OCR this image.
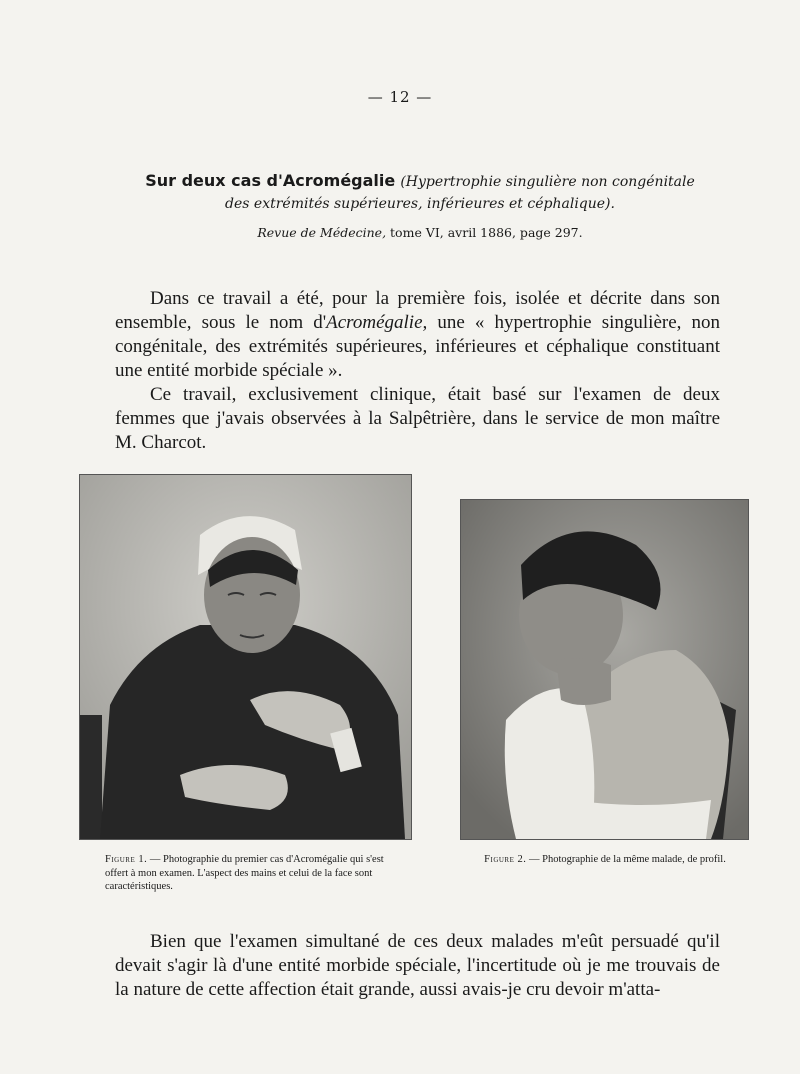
— 12 —
Sur deux cas d'Acromégalie (Hypertrophie singulière non congénitale
des extrémités supérieures, inférieures et céphalique).
Revue de Médecine, tome VI, avril 1886, page 297.
Dans ce travail a été, pour la première fois, isolée et décrite dans son ensemble, sous le nom d'Acromégalie, une « hypertrophie singulière, non congénitale, des extrémités supérieures, inférieures et céphalique constituant une entité morbide spéciale ».
Ce travail, exclusivement clinique, était basé sur l'examen de deux femmes que j'avais observées à la Salpêtrière, dans le service de mon maître M. Charcot.
Figure 1. — Photographie du premier cas d'Acromégalie qui s'est offert à mon examen. L'aspect des mains et celui de la face sont caractéristiques.
Figure 2. — Photographie de la même malade, de profil.
Bien que l'examen simultané de ces deux malades m'eût persuadé qu'il devait s'agir là d'une entité morbide spéciale, l'incertitude où je me trouvais de la nature de cette affection était grande, aussi avais-je cru devoir m'atta-
